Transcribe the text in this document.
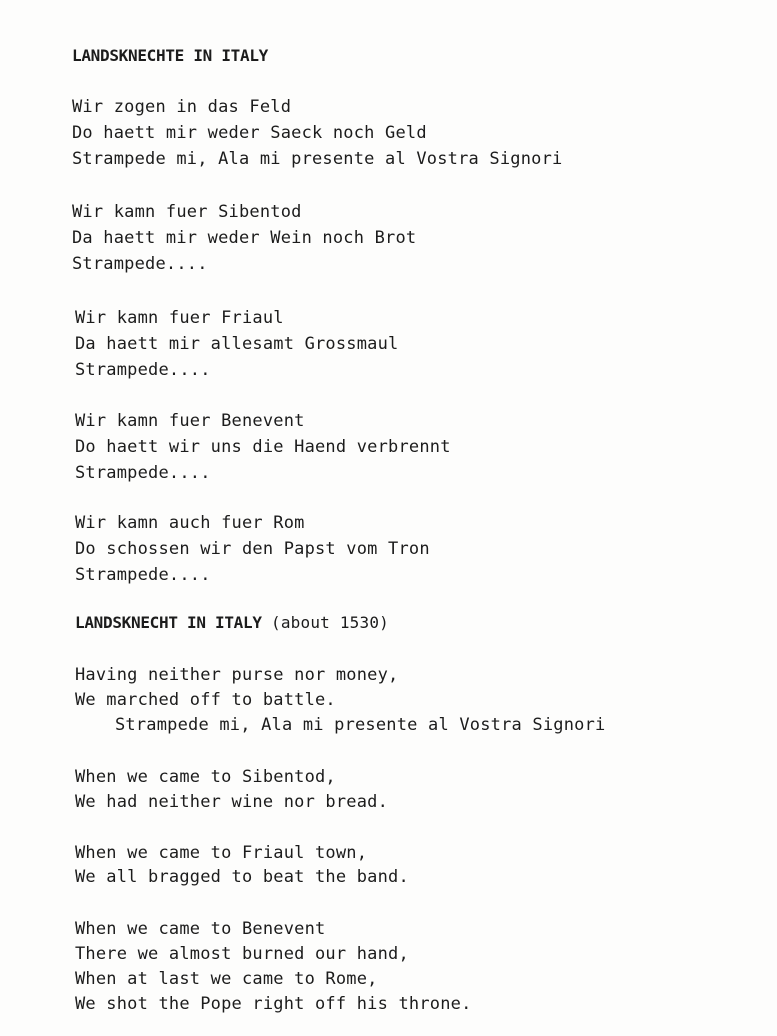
LANDSKNECHTE IN ITALY
Wir zogen in das Feld
Do haett mir weder Saeck noch Geld
Strampede mi, Ala mi presente al Vostra Signori
Wir kamn fuer Sibentod
Da haett mir weder Wein noch Brot
Strampede....
Wir kamn fuer Friaul
Da haett mir allesamt Grossmaul
Strampede....
Wir kamn fuer Benevent
Do haett wir uns die Haend verbrennt
Strampede....
Wir kamn auch fuer Rom
Do schossen wir den Papst vom Tron
Strampede....
LANDSKNECHT IN ITALY (about 1530)
Having neither purse nor money,
We marched off to battle.
Strampede mi, Ala mi presente al Vostra Signori
When we came to Sibentod,
We had neither wine nor bread.
When we came to Friaul town,
We all bragged to beat the band.
When we came to Benevent
There we almost burned our hand,
When at last we came to Rome,
We shot the Pope right off his throne.
